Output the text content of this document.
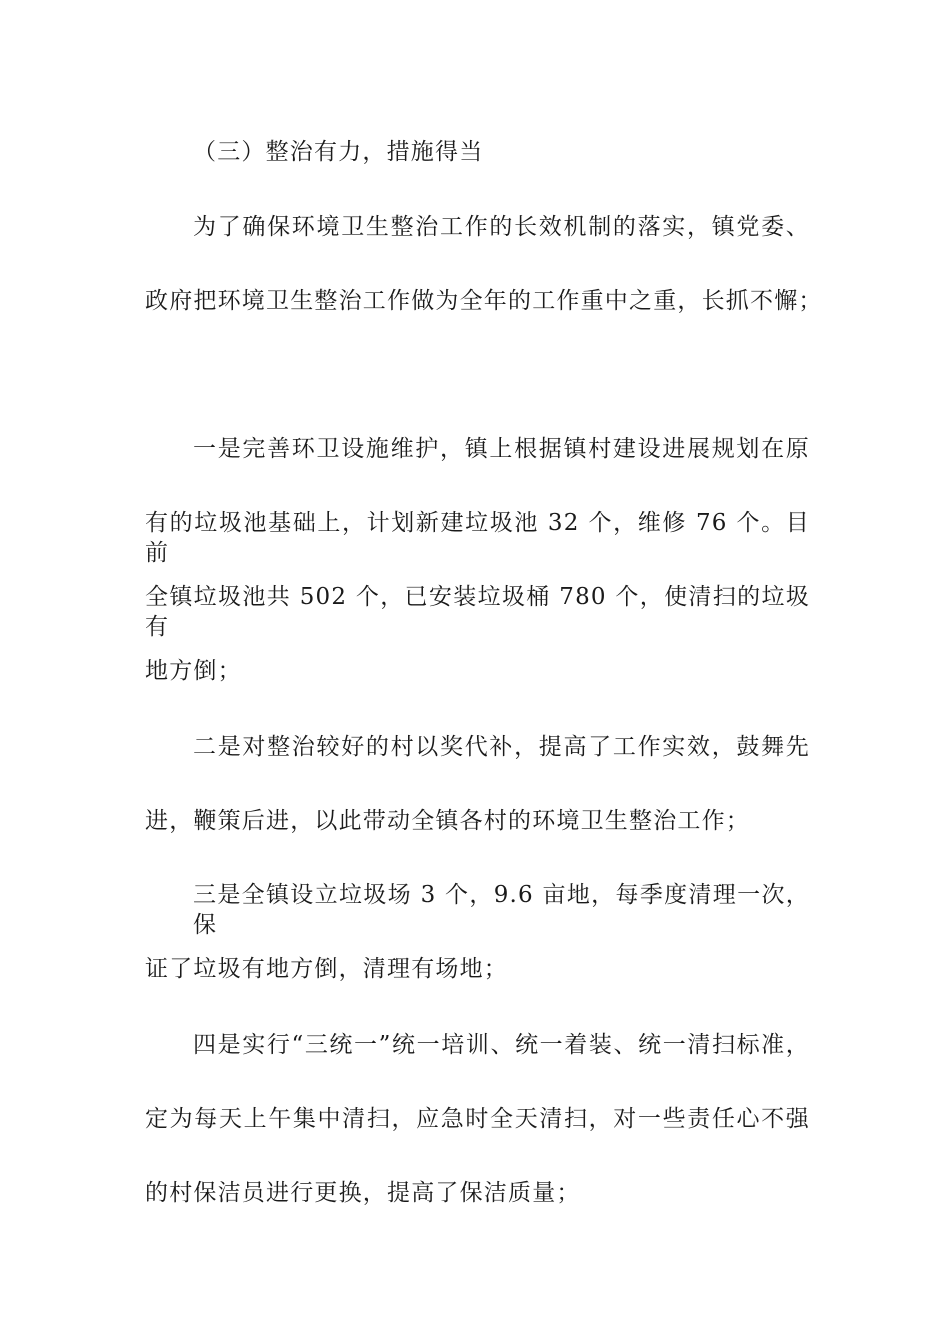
（三）整治有力，措施得当
为了确保环境卫生整治工作的长效机制的落实，镇党委、
政府把环境卫生整治工作做为全年的工作重中之重，长抓不懈；
一是完善环卫设施维护，镇上根据镇村建设进展规划在原
有的垃圾池基础上，计划新建垃圾池 32 个，维修 76 个。目前
全镇垃圾池共 502 个，已安装垃圾桶 780 个，使清扫的垃圾有
地方倒；
二是对整治较好的村以奖代补，提高了工作实效，鼓舞先
进，鞭策后进，以此带动全镇各村的环境卫生整治工作；
三是全镇设立垃圾场 3 个，9.6 亩地，每季度清理一次，保
证了垃圾有地方倒，清理有场地；
四是实行“三统一”统一培训、统一着装、统一清扫标准，
定为每天上午集中清扫，应急时全天清扫，对一些责任心不强
的村保洁员进行更换，提高了保洁质量；
